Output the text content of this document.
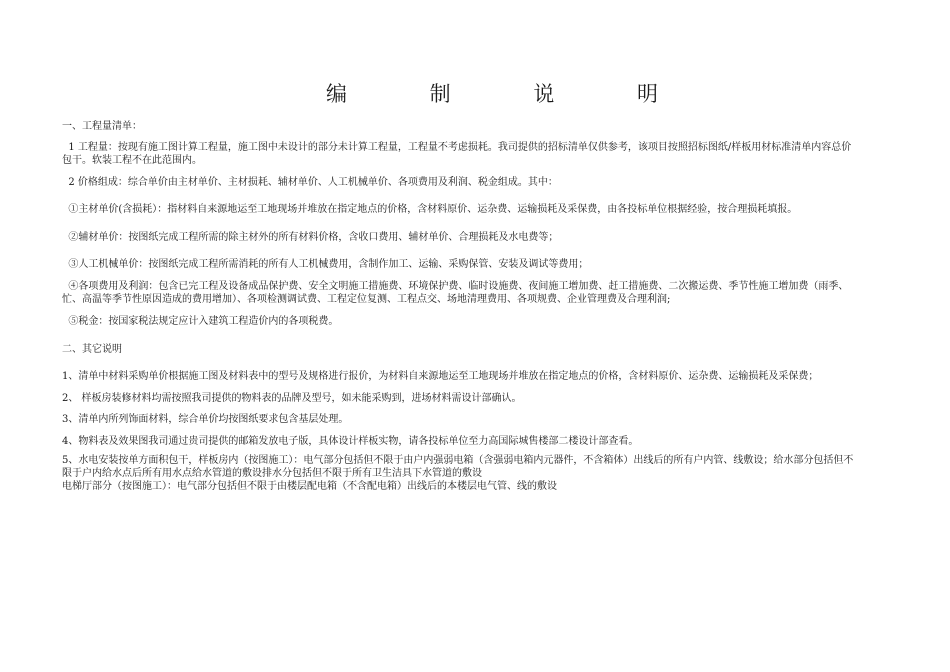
编 制 说 明
一、工程量清单：
1 工程量：按现有施工图计算工程量，施工图中未设计的部分未计算工程量，工程量不考虑损耗。我司提供的招标清单仅供参考，该项目按照招标图纸/样板用材标准清单内容总价
包干。软装工程不在此范围内。
2 价格组成：综合单价由主材单价、主材损耗、辅材单价、人工机械单价、各项费用及利润、税金组成。其中：
①主材单价(含损耗）：指材料自来源地运至工地现场并堆放在指定地点的价格，含材料原价、运杂费、运输损耗及采保费，由各投标单位根据经验，按合理损耗填报。
②辅材单价：按图纸完成工程所需的除主材外的所有材料价格，含收口费用、辅材单价、合理损耗及水电费等；
③人工机械单价：按图纸完成工程所需消耗的所有人工机械费用，含制作加工、运输、采购保管、安装及调试等费用；
④各项费用及利润：包含已完工程及设备成品保护费、安全文明施工措施费、环境保护费、临时设施费、夜间施工增加费、赶工措施费、二次搬运费、季节性施工增加费（雨季、
忙、高温等季节性原因造成的费用增加）、各项检测调试费、工程定位复测、工程点交、场地清理费用、各项规费、企业管理费及合理利润;
⑤税金：按国家税法规定应计入建筑工程造价内的各项税费。
二、其它说明
1、清单中材料采购单价根据施工图及材料表中的型号及规格进行报价，为材料自来源地运至工地现场并堆放在指定地点的价格，含材料原价、运杂费、运输损耗及采保费；
2、 样板房装修材料均需按照我司提供的物料表的品牌及型号，如未能采购到，进场材料需设计部确认。
3、清单内所列饰面材料，综合单价均按图纸要求包含基层处理。
4、物料表及效果图我司通过贵司提供的邮箱发放电子版，具体设计样板实物，请各投标单位至力高国际城售楼部二楼设计部查看。
5、水电安装按单方面积包干，样板房内（按图施工）：电气部分包括但不限于由户内强弱电箱（含强弱电箱内元器件，不含箱体）出线后的所有户内管、线敷设；给水部分包括但不
限于户内给水点后所有用水点给水管道的敷设排水分包括但不限于所有卫生洁具下水管道的敷设
电梯厅部分（按图施工）：电气部分包括但不限于由楼层配电箱（不含配电箱）出线后的本楼层电气管、线的敷设
